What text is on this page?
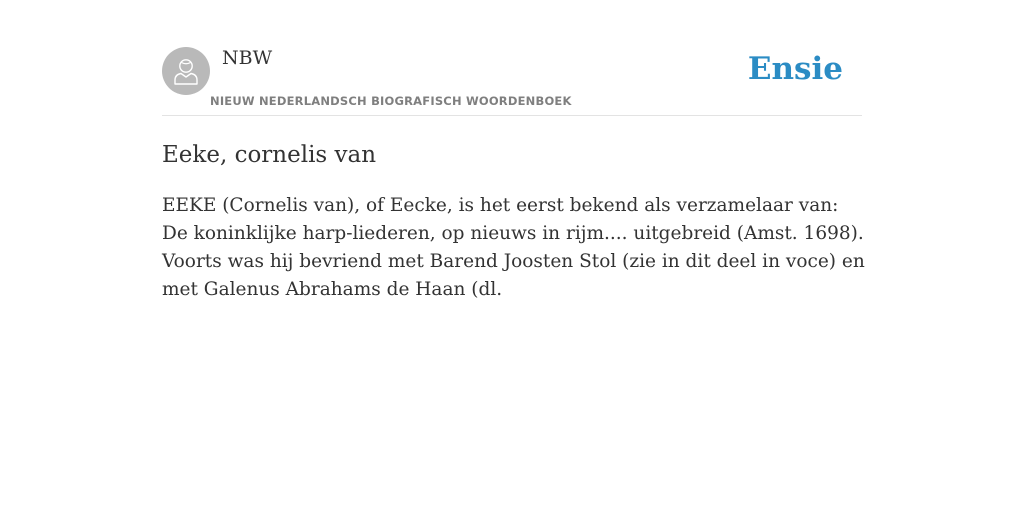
NBW
NIEUW NEDERLANDSCH BIOGRAFISCH WOORDENBOEK
Ensie
Eeke, cornelis van

EEKE (Cornelis van), of Eecke, is het eerst bekend als verzamelaar van: De koninklijke harp-liederen, op nieuws in rijm.... uitgebreid (Amst. 1698). Voorts was hij bevriend met Barend Joosten Stol (zie in dit deel in voce) en met Galenus Abrahams de Haan (dl.
